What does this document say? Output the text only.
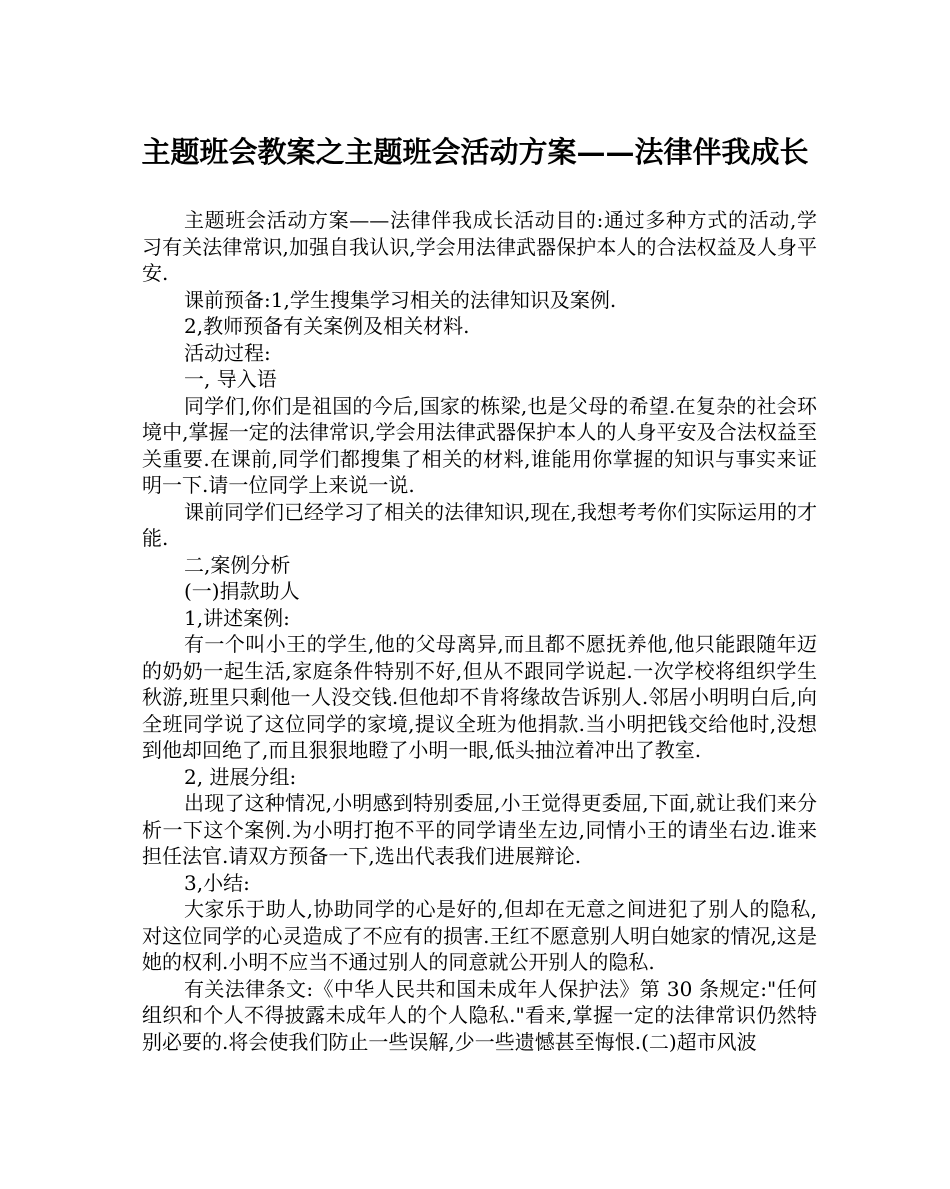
主题班会教案之主题班会活动方案——法律伴我成长

主题班会活动方案——法律伴我成长活动目的:通过多种方式的活动,学习有关法律常识,加强自我认识,学会用法律武器保护本人的合法权益及人身平安.

课前预备:1,学生搜集学习相关的法律知识及案例.

2,教师预备有关案例及相关材料.

活动过程:

一, 导入语

同学们,你们是祖国的今后,国家的栋梁,也是父母的希望.在复杂的社会环境中,掌握一定的法律常识,学会用法律武器保护本人的人身平安及合法权益至关重要.在课前,同学们都搜集了相关的材料,谁能用你掌握的知识与事实来证明一下.请一位同学上来说一说.

课前同学们已经学习了相关的法律知识,现在,我想考考你们实际运用的才能.

二,案例分析

(一)捐款助人

1,讲述案例:

有一个叫小王的学生,他的父母离异,而且都不愿抚养他,他只能跟随年迈的奶奶一起生活,家庭条件特别不好,但从不跟同学说起.一次学校将组织学生秋游,班里只剩他一人没交钱.但他却不肯将缘故告诉别人.邻居小明明白后,向全班同学说了这位同学的家境,提议全班为他捐款.当小明把钱交给他时,没想到他却回绝了,而且狠狠地瞪了小明一眼,低头抽泣着冲出了教室.

2, 进展分组:

出现了这种情况,小明感到特别委屈,小王觉得更委屈,下面,就让我们来分析一下这个案例.为小明打抱不平的同学请坐左边,同情小王的请坐右边.谁来担任法官.请双方预备一下,选出代表我们进展辩论.

3,小结:

大家乐于助人,协助同学的心是好的,但却在无意之间进犯了别人的隐私,对这位同学的心灵造成了不应有的损害.王红不愿意别人明白她家的情况,这是她的权利.小明不应当不通过别人的同意就公开别人的隐私.

有关法律条文:《中华人民共和国未成年人保护法》第 30 条规定:"任何组织和个人不得披露未成年人的个人隐私."看来,掌握一定的法律常识仍然特别必要的.将会使我们防止一些误解,少一些遗憾甚至悔恨.(二)超市风波
